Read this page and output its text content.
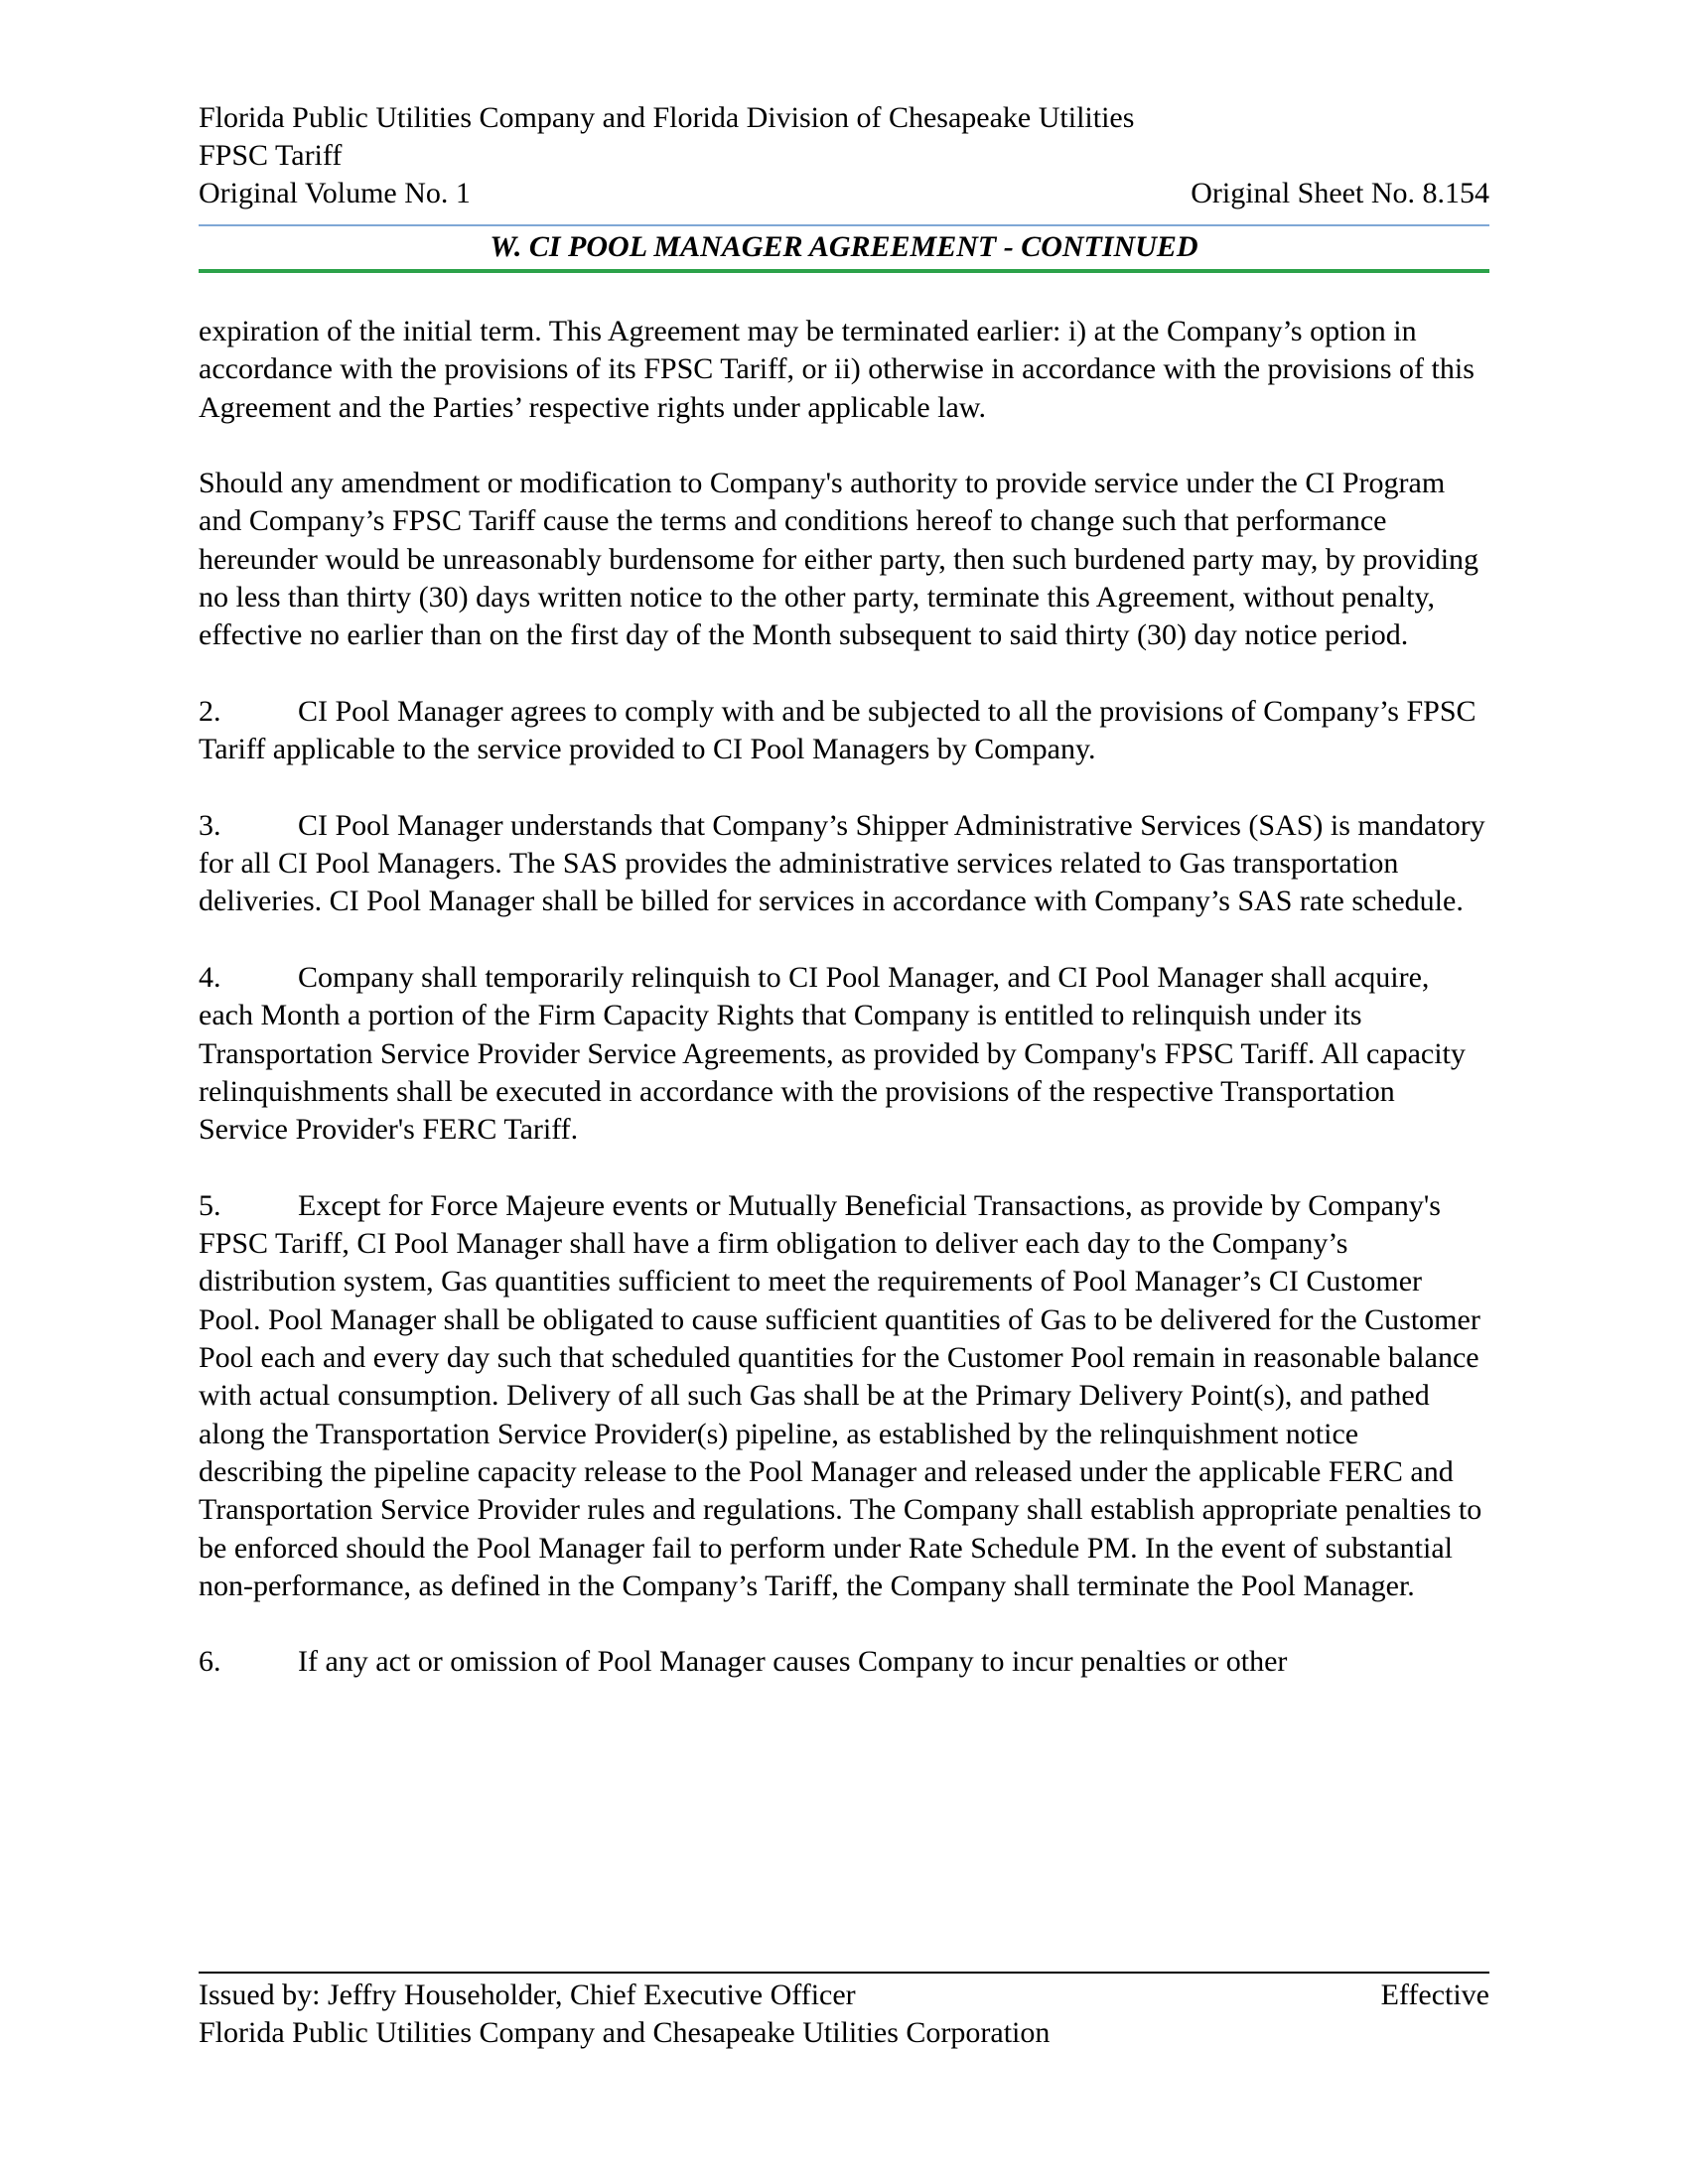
Florida Public Utilities Company and Florida Division of Chesapeake Utilities
FPSC Tariff
Original Volume No. 1	Original Sheet No. 8.154
W. CI POOL MANAGER AGREEMENT - CONTINUED

expiration of the initial term. This Agreement may be terminated earlier: i) at the Company’s option in accordance with the provisions of its FPSC Tariff, or ii) otherwise in accordance with the provisions of this Agreement and the Parties’ respective rights under applicable law.

Should any amendment or modification to Company's authority to provide service under the CI Program and Company’s FPSC Tariff cause the terms and conditions hereof to change such that performance hereunder would be unreasonably burdensome for either party, then such burdened party may, by providing no less than thirty (30) days written notice to the other party, terminate this Agreement, without penalty, effective no earlier than on the first day of the Month subsequent to said thirty (30) day notice period.

2.	CI Pool Manager agrees to comply with and be subjected to all the provisions of Company’s FPSC Tariff applicable to the service provided to CI Pool Managers by Company.

3.	CI Pool Manager understands that Company’s Shipper Administrative Services (SAS) is mandatory for all CI Pool Managers. The SAS provides the administrative services related to Gas transportation deliveries. CI Pool Manager shall be billed for services in accordance with Company’s SAS rate schedule.

4.	Company shall temporarily relinquish to CI Pool Manager, and CI Pool Manager shall acquire, each Month a portion of the Firm Capacity Rights that Company is entitled to relinquish under its Transportation Service Provider Service Agreements, as provided by Company's FPSC Tariff. All capacity relinquishments shall be executed in accordance with the provisions of the respective Transportation Service Provider's FERC Tariff.

5.	Except for Force Majeure events or Mutually Beneficial Transactions, as provide by Company's FPSC Tariff, CI Pool Manager shall have a firm obligation to deliver each day to the Company’s distribution system, Gas quantities sufficient to meet the requirements of Pool Manager’s CI Customer Pool. Pool Manager shall be obligated to cause sufficient quantities of Gas to be delivered for the Customer Pool each and every day such that scheduled quantities for the Customer Pool remain in reasonable balance with actual consumption. Delivery of all such Gas shall be at the Primary Delivery Point(s), and pathed along the Transportation Service Provider(s) pipeline, as established by the relinquishment notice describing the pipeline capacity release to the Pool Manager and released under the applicable FERC and Transportation Service Provider rules and regulations. The Company shall establish appropriate penalties to be enforced should the Pool Manager fail to perform under Rate Schedule PM. In the event of substantial non-performance, as defined in the Company’s Tariff, the Company shall terminate the Pool Manager.

6.	If any act or omission of Pool Manager causes Company to incur penalties or other

Issued by: Jeffry Householder, Chief Executive Officer	Effective
Florida Public Utilities Company and Chesapeake Utilities Corporation
